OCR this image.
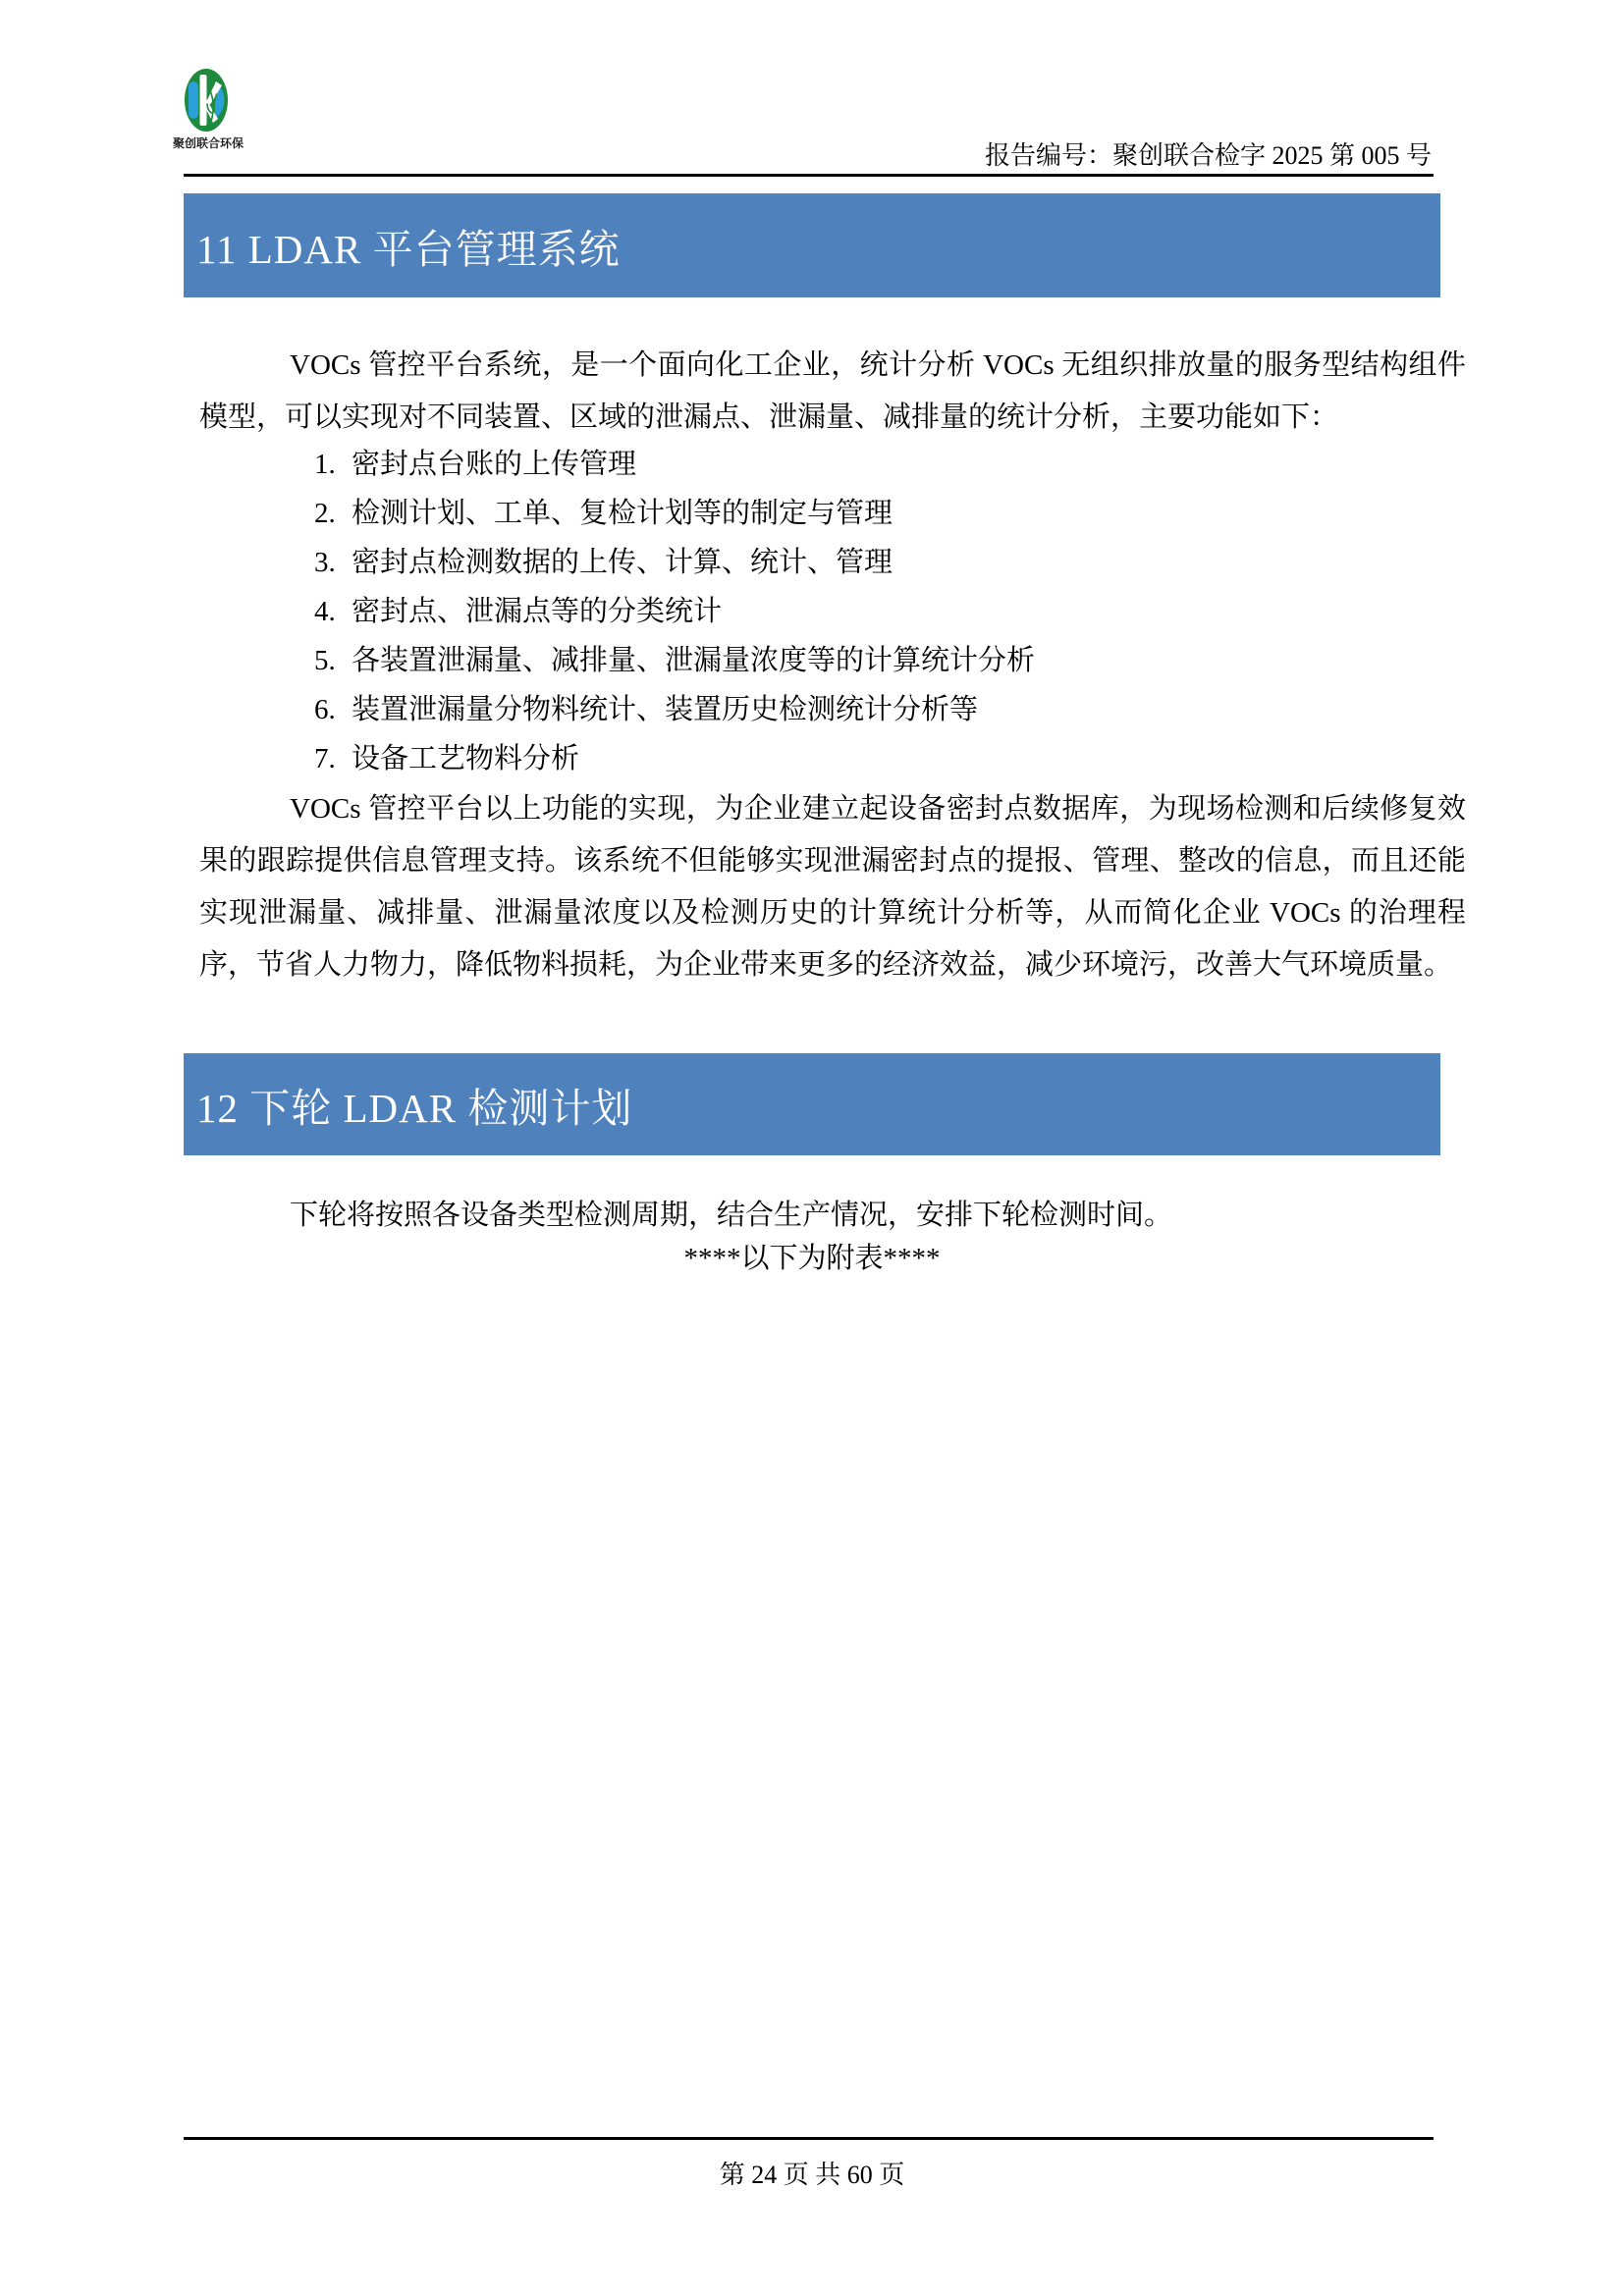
聚创联合环保	报告编号：聚创联合检字 2025 第 005 号
11 LDAR 平台管理系统
VOCs 管控平台系统，是一个面向化工企业，统计分析 VOCs 无组织排放量的服务型结构组件模型，可以实现对不同装置、区域的泄漏点、泄漏量、减排量的统计分析，主要功能如下：
1. 密封点台账的上传管理
2. 检测计划、工单、复检计划等的制定与管理
3. 密封点检测数据的上传、计算、统计、管理
4. 密封点、泄漏点等的分类统计
5. 各装置泄漏量、减排量、泄漏量浓度等的计算统计分析
6. 装置泄漏量分物料统计、装置历史检测统计分析等
7. 设备工艺物料分析
VOCs 管控平台以上功能的实现，为企业建立起设备密封点数据库，为现场检测和后续修复效果的跟踪提供信息管理支持。该系统不但能够实现泄漏密封点的提报、管理、整改的信息，而且还能实现泄漏量、减排量、泄漏量浓度以及检测历史的计算统计分析等，从而简化企业 VOCs 的治理程序，节省人力物力，降低物料损耗，为企业带来更多的经济效益，减少环境污，改善大气环境质量。
12 下轮 LDAR 检测计划
下轮将按照各设备类型检测周期，结合生产情况，安排下轮检测时间。
****以下为附表****
第 24 页 共 60 页
